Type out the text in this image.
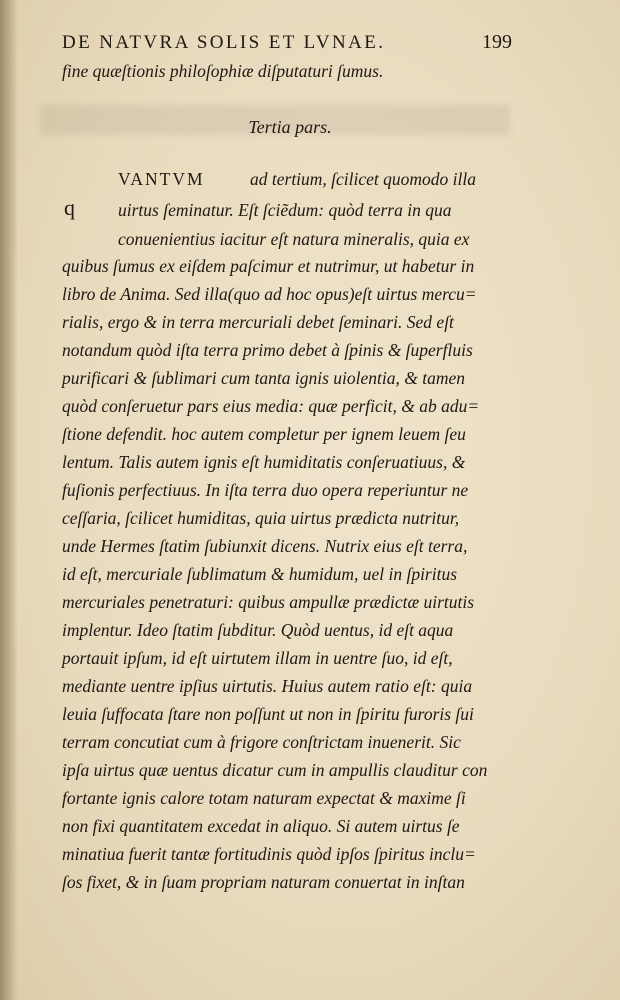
DE NATVRA SOLIS ET LVNAE.	199
fine quæſtionis philoſophiæ diſputaturi ſumus.
Tertia pars.
q
VANTVM	ad tertium, ſcilicet quomodo illa
uirtus ſeminatur. Eſt ſciẽdum: quòd terra in qua
conuenientius iacitur eſt natura mineralis, quia ex
quibus ſumus ex eiſdem paſcimur et nutrimur, ut habetur in
libro de Anima. Sed illa(quo ad hoc opus)eſt uirtus mercu=
rialis, ergo & in terra mercuriali debet ſeminari. Sed eſt
notandum quòd iſta terra primo debet à ſpinis & ſuperfluis
purificari & ſublimari cum tanta ignis uiolentia, & tamen
quòd conſeruetur pars eius media: quæ perficit, & ab adu=
ſtione defendit. hoc autem completur per ignem leuem ſeu
lentum. Talis autem ignis eſt humiditatis conſeruatiuus, &
fuſionis perfectiuus. In iſta terra duo opera reperiuntur ne
ceſſaria, ſcilicet humiditas, quia uirtus prædicta nutritur,
unde Hermes ſtatim ſubiunxit dicens. Nutrix eius eſt terra,
id eſt, mercuriale ſublimatum & humidum, uel in ſpiritus
mercuriales penetraturi: quibus ampullæ prædictæ uirtutis
implentur. Ideo ſtatim ſubditur. Quòd uentus, id eſt aqua
portauit ipſum, id eſt uirtutem illam in uentre ſuo, id eſt,
mediante uentre ipſius uirtutis. Huius autem ratio eſt: quia
leuia ſuffocata ſtare non poſſunt ut non in ſpiritu furoris ſui
terram concutiat cum à frigore conſtrictam inuenerit. Sic
ipſa uirtus quæ uentus dicatur cum in ampullis clauditur con
fortante ignis calore totam naturam expectat & maxime ſi
non fixi quantitatem excedat in aliquo. Si autem uirtus ſe
minatiua fuerit tantæ fortitudinis quòd ipſos ſpiritus inclu=
ſos fixet, & in ſuam propriam naturam conuertat in inſtan
